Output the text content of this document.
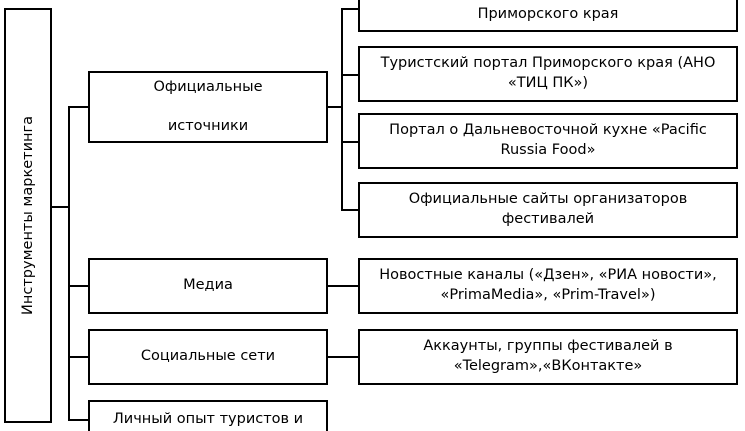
Инструменты маркетинга
Официальные

источники
Медиа
Социальные сети
Личный опыт туристов и
Приморского края
Туристский портал Приморского края (АНО «ТИЦ ПК»)
Портал о Дальневосточной кухне «Pacific Russia Food»
Официальные сайты организаторов фестивалей
Новостные каналы («Дзен», «РИА новости», «PrimaMedia», «Prim-Travel»)
Аккаунты, группы фестивалей в «Telegram»,«ВКонтакте»
